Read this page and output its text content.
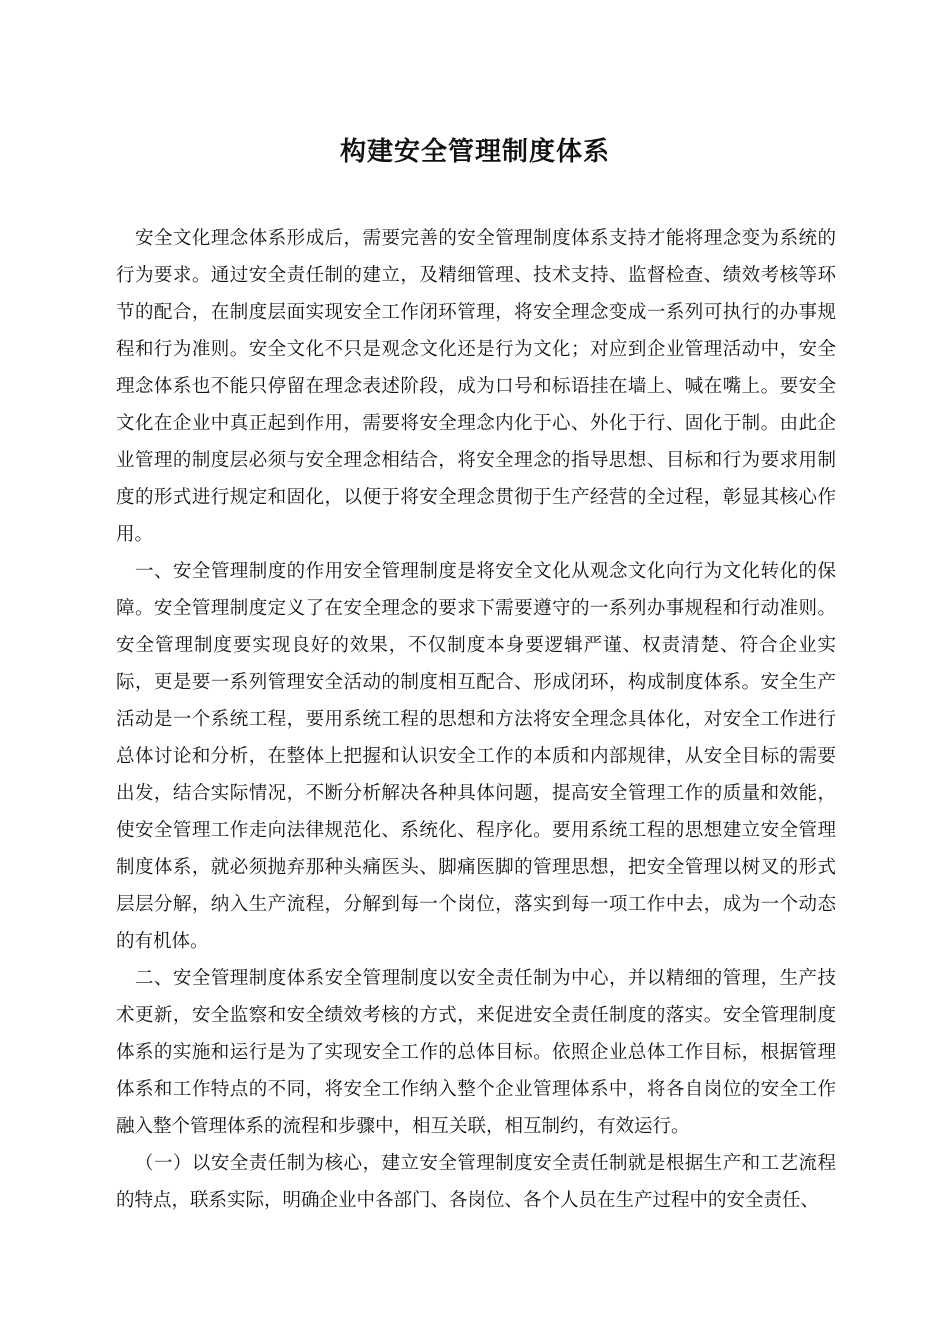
构建安全管理制度体系

安全文化理念体系形成后，需要完善的安全管理制度体系支持才能将理念变为系统的行为要求。通过安全责任制的建立，及精细管理、技术支持、监督检查、绩效考核等环节的配合，在制度层面实现安全工作闭环管理，将安全理念变成一系列可执行的办事规程和行为准则。安全文化不只是观念文化还是行为文化；对应到企业管理活动中，安全理念体系也不能只停留在理念表述阶段，成为口号和标语挂在墙上、喊在嘴上。要安全文化在企业中真正起到作用，需要将安全理念内化于心、外化于行、固化于制。由此企业管理的制度层必须与安全理念相结合，将安全理念的指导思想、目标和行为要求用制度的形式进行规定和固化，以便于将安全理念贯彻于生产经营的全过程，彰显其核心作用。

一、安全管理制度的作用安全管理制度是将安全文化从观念文化向行为文化转化的保障。安全管理制度定义了在安全理念的要求下需要遵守的一系列办事规程和行动准则。安全管理制度要实现良好的效果，不仅制度本身要逻辑严谨、权责清楚、符合企业实际，更是要一系列管理安全活动的制度相互配合、形成闭环，构成制度体系。安全生产活动是一个系统工程，要用系统工程的思想和方法将安全理念具体化，对安全工作进行总体讨论和分析，在整体上把握和认识安全工作的本质和内部规律，从安全目标的需要出发，结合实际情况，不断分析解决各种具体问题，提高安全管理工作的质量和效能，使安全管理工作走向法律规范化、系统化、程序化。要用系统工程的思想建立安全管理制度体系，就必须抛弃那种头痛医头、脚痛医脚的管理思想，把安全管理以树叉的形式层层分解，纳入生产流程，分解到每一个岗位，落实到每一项工作中去，成为一个动态的有机体。

二、安全管理制度体系安全管理制度以安全责任制为中心，并以精细的管理，生产技术更新，安全监察和安全绩效考核的方式，来促进安全责任制度的落实。安全管理制度体系的实施和运行是为了实现安全工作的总体目标。依照企业总体工作目标，根据管理体系和工作特点的不同，将安全工作纳入整个企业管理体系中，将各自岗位的安全工作融入整个管理体系的流程和步骤中，相互关联，相互制约，有效运行。

（一）以安全责任制为核心，建立安全管理制度安全责任制就是根据生产和工艺流程的特点，联系实际，明确企业中各部门、各岗位、各个人员在生产过程中的安全责任、
